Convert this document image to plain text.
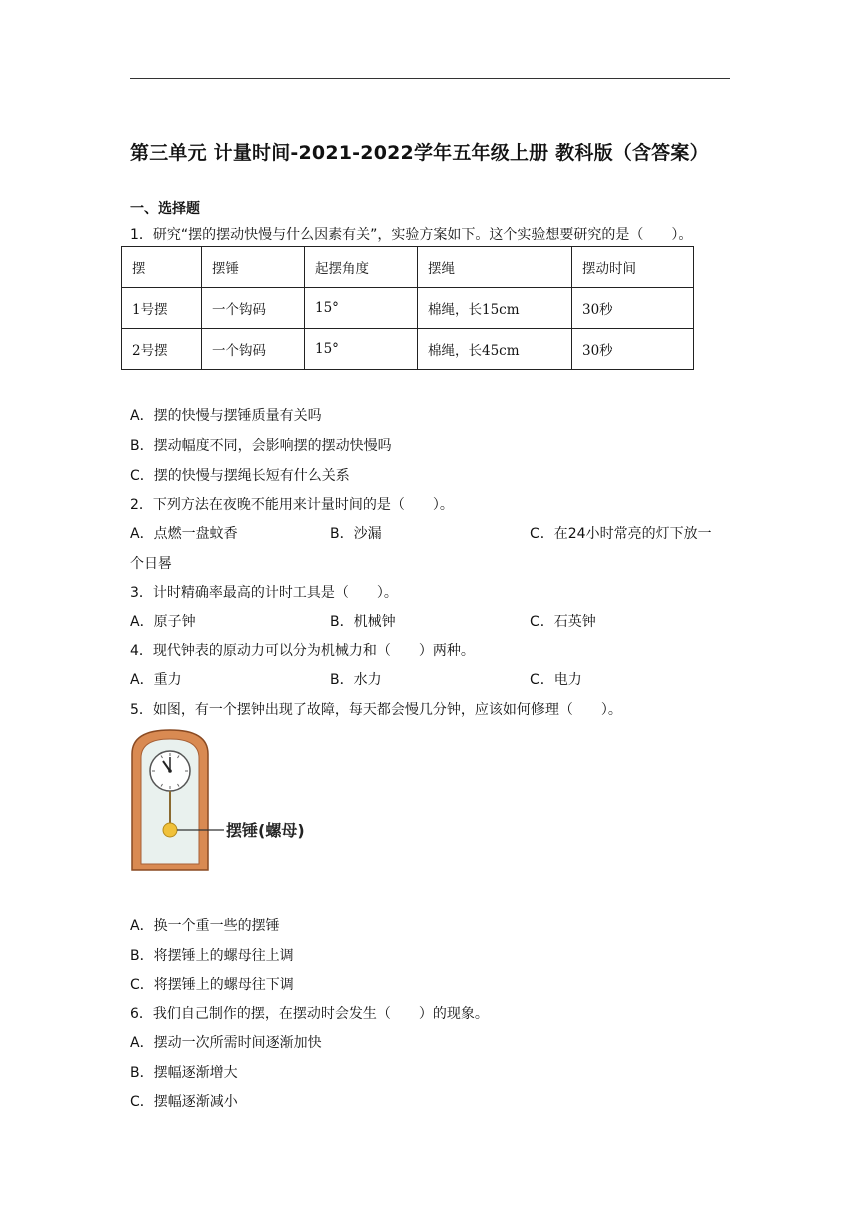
第三单元 计量时间-2021-2022学年五年级上册 教科版（含答案）
一、选择题
1．研究“摆的摆动快慢与什么因素有关”，实验方案如下。这个实验想要研究的是（　　）。
摆	摆锤	起摆角度	摆绳	摆动时间
1号摆	一个钩码	15°	棉绳，长15cm	30秒
2号摆	一个钩码	15°	棉绳，长45cm	30秒
A．摆的快慢与摆锤质量有关吗
B．摆动幅度不同，会影响摆的摆动快慢吗
C．摆的快慢与摆绳长短有什么关系
2．下列方法在夜晚不能用来计量时间的是（　　）。
A．点燃一盘蚊香	B．沙漏	C．在24小时常亮的灯下放一
个日晷
3．计时精确率最高的计时工具是（　　）。
A．原子钟	B．机械钟	C．石英钟
4．现代钟表的原动力可以分为机械力和（　　）两种。
A．重力	B．水力	C．电力
5．如图，有一个摆钟出现了故障，每天都会慢几分钟，应该如何修理（　　）。
摆锤(螺母)
A．换一个重一些的摆锤
B．将摆锤上的螺母往上调
C．将摆锤上的螺母往下调
6．我们自己制作的摆，在摆动时会发生（　　）的现象。
A．摆动一次所需时间逐渐加快
B．摆幅逐渐增大
C．摆幅逐渐减小
